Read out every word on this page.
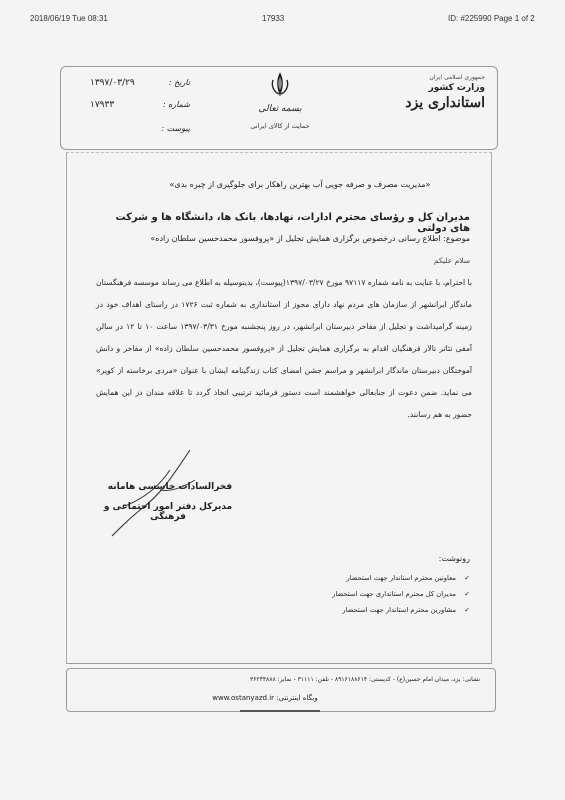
2018/06/19 Tue 08:31	17933	ID: #225990 Page 1 of 2
جمهوری اسلامی ایران
وزارت کشور
استانداری یزد
بسمه تعالی
حمایت از کالای ایرانی
تاریخ :
۱۳۹۷/۰۳/۲۹
شماره :
۱۷۹۳۳
پیوست :
«مدیریت مصرف و صرفه جویی آب بهترین راهکار برای جلوگیری از چیره بدی»
مدیران کل و رؤسای محترم ادارات، نهادها، بانک ها، دانشگاه ها و شرکت های دولتی
موضوع: اطلاع رسانی درخصوص برگزاری همایش تجلیل از «پروفسور محمدحسین سلطان زاده»
سلام علیکم
با احترام، با عنایت به نامه شماره ۹۷۱۱۷ مورخ ۱۳۹۷/۰۳/۲۷(پیوست)، بدینوسیله به اطلاع می رساند موسسه فرهنگستان ماندگار ابرانشهر از سازمان های مردم نهاد دارای مجوز از استانداری به شماره ثبت ۱۷۲۶ در راستای اهداف خود در زمینه گرامیداشت و تجلیل از مفاخر دبیرستان ابرانشهر، در روز پنجشنبه مورخ ۱۳۹۷/۰۳/۳۱ ساعت ۱۰ تا ۱۲ در سالن آمفی تئاتر تالار فرهنگیان اقدام به برگزاری همایش تجلیل از «پروفسور محمدحسین سلطان زاده» از مفاخر و دانش آموختگان دبیرستان ماندگار ابرانشهر و مراسم جشن امضای کتاب زندگینامه ایشان با عنوان «مردی برخاسته از کویر» می نماید. ضمن دعوت از جنابعالی خواهشمند است دستور فرمائید ترتیبی اتخاذ گردد تا علاقه مندان در این همایش حضور به هم رسانند.
فخرالسادات خاسسی هامانه
مدیرکل دفتر امور اجتماعی و فرهنگی
رونوشت:
✓
معاونین محترم استاندار جهت استحضار
✓
مدیران کل محترم استانداری جهت استحضار
✓
مشاورین محترم استاندار جهت استحضار
نشانی: یزد، میدان امام حسین(ع) - کدپستی: ۸۹۱۶۱۸۸۶۱۴ - تلفن: ۳۱۱۱۱ - نمابر: ۳۶۲۴۴۸۸۸
www.ostanyazd.ir :وبگاه اینترنتی
